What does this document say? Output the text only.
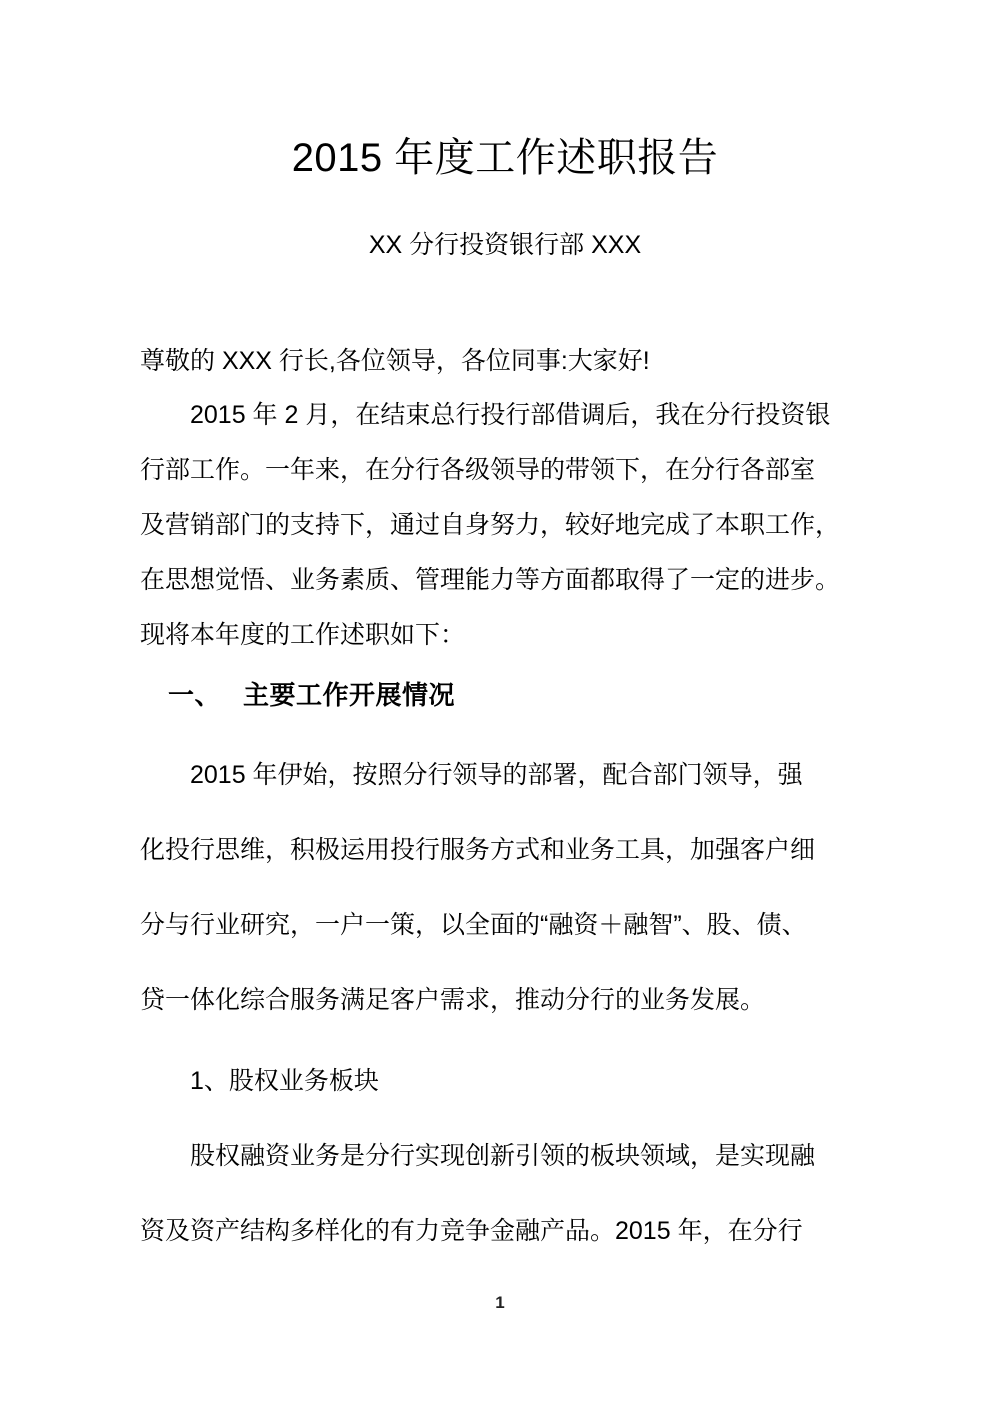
2015 年度工作述职报告
XX 分行投资银行部 XXX

尊敬的 XXX 行长,各位领导，各位同事:大家好!

2015 年 2 月，在结束总行投行部借调后，我在分行投资银
行部工作。一年来，在分行各级领导的带领下，在分行各部室
及营销部门的支持下，通过自身努力，较好地完成了本职工作，
在思想觉悟、业务素质、管理能力等方面都取得了一定的进步。
现将本年度的工作述职如下：
一、 主要工作开展情况
2015 年伊始，按照分行领导的部署，配合部门领导，强
化投行思维，积极运用投行服务方式和业务工具，加强客户细
分与行业研究，一户一策，以全面的“融资＋融智”、股、债、
贷一体化综合服务满足客户需求，推动分行的业务发展。

1、股权业务板块

股权融资业务是分行实现创新引领的板块领域，是实现融
资及资产结构多样化的有力竞争金融产品。2015 年，在分行
1
